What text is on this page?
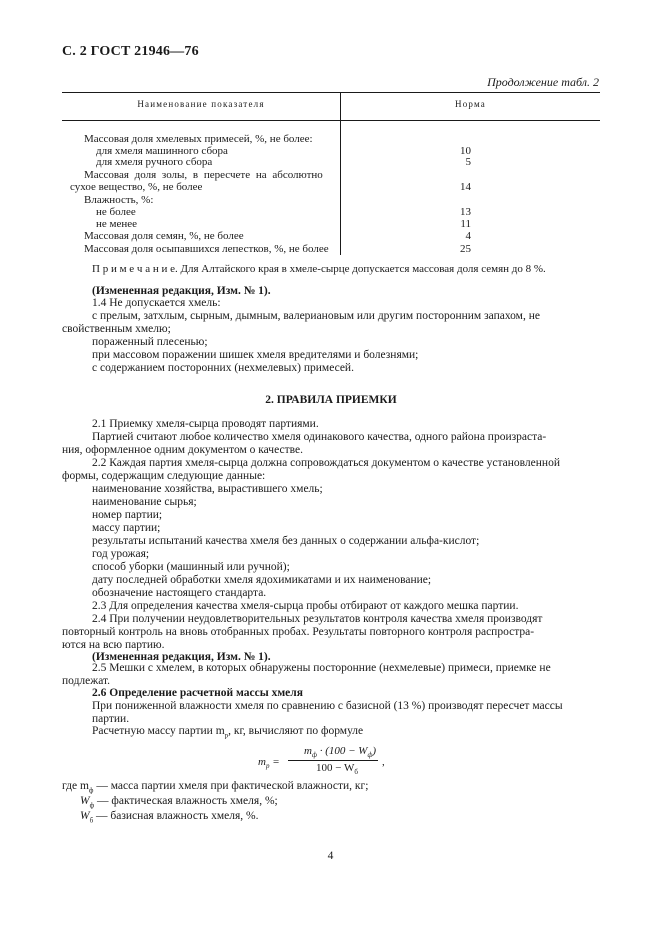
С. 2 ГОСТ 21946—76
Продолжение табл. 2
Наименование показателя	Норма
Массовая доля хмелевых примесей, %, не более:
для хмеля машинного сбора	10
для хмеля ручного сбора	5
Массовая доля золы, в пересчете на абсолютно
сухое вещество, %, не более	14
Влажность, %:
не более	13
не менее	11
Массовая доля семян, %, не более	4
Массовая доля осыпавшихся лепестков, %, не более	25
П р и м е ч а н и е. Для Алтайского края в хмеле-сырце допускается массовая доля семян до 8 %.
(Измененная редакция, Изм. № 1).
1.4 Не допускается хмель:
с прелым, затхлым, сырным, дымным, валериановым или другим посторонним запахом, не
свойственным хмелю;
пораженный плесенью;
при массовом поражении шишек хмеля вредителями и болезнями;
с содержанием посторонних (нехмелевых) примесей.
2. ПРАВИЛА ПРИЕМКИ
2.1 Приемку хмеля-сырца проводят партиями.
Партией считают любое количество хмеля одинакового качества, одного района произраста-
ния, оформленное одним документом о качестве.
2.2 Каждая партия хмеля-сырца должна сопровождаться документом о качестве установленной
формы, содержащим следующие данные:
наименование хозяйства, вырастившего хмель;
наименование сырья;
номер партии;
массу партии;
результаты испытаний качества хмеля без данных о содержании альфа-кислот;
год урожая;
способ уборки (машинный или ручной);
дату последней обработки хмеля ядохимикатами и их наименование;
обозначение настоящего стандарта.
2.3 Для определения качества хмеля-сырца пробы отбирают от каждого мешка партии.
2.4 При получении неудовлетворительных результатов контроля качества хмеля производят
повторный контроль на вновь отобранных пробах. Результаты повторного контроля распростра-
ются на всю партию.
(Измененная редакция, Изм. № 1).
2.5 Мешки с хмелем, в которых обнаружены посторонние (нехмелевые) примеси, приемке не
подлежат.
2.6 Определение расчетной массы хмеля
При пониженной влажности хмеля по сравнению с базисной (13 %) производят пересчет массы
партии.
Расчетную массу партии $m_р$, кг, вычисляют по формуле
$m_р$ =
$m_ф \cdot (100 - W_ф)$
$100 - W_б$
,
где $m_ф$ — масса партии хмеля при фактической влажности, кг;
$W_ф$ — фактическая влажность хмеля, %;
$W_б$ — базисная влажность хмеля, %.
4
